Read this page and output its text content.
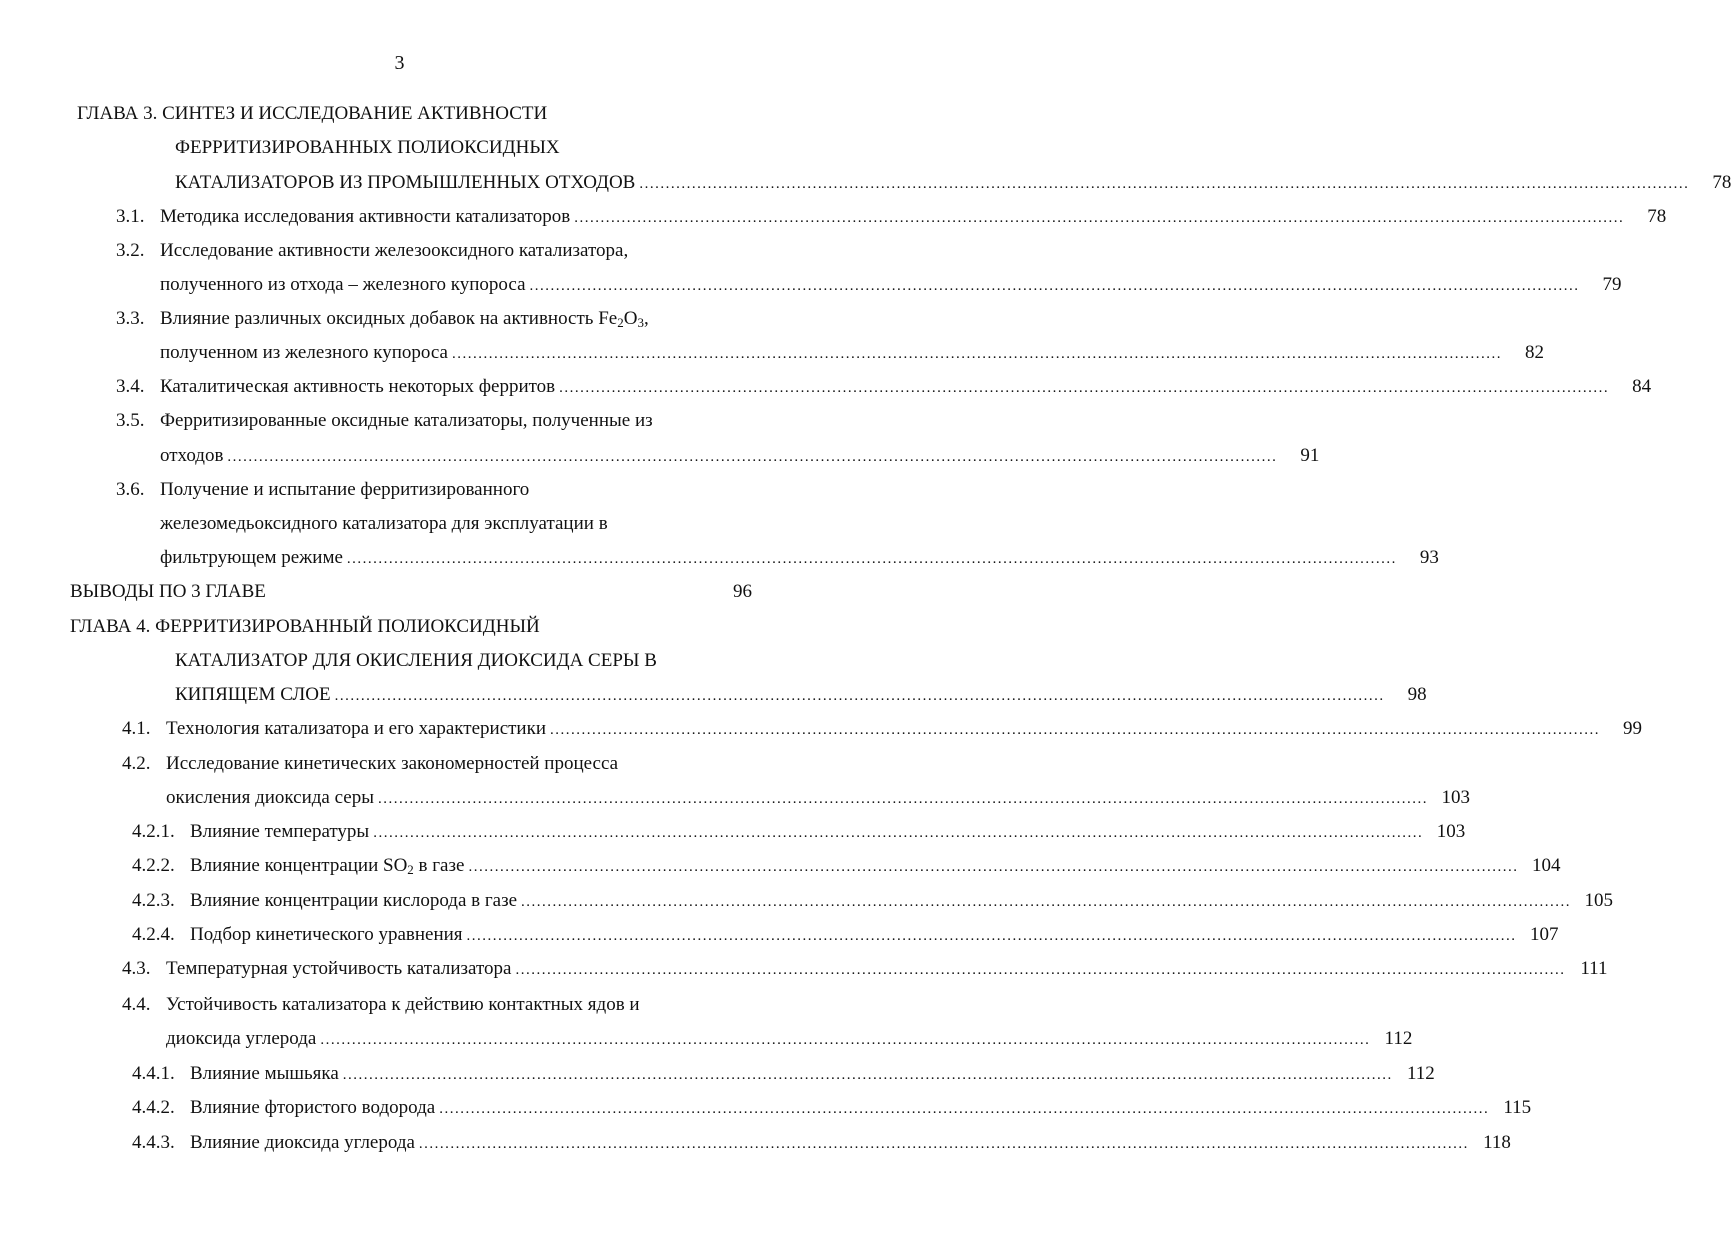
3
ГЛАВА 3. СИНТЕЗ И ИССЛЕДОВАНИЕ АКТИВНОСТИ
ФЕРРИТИЗИРОВАННЫХ ПОЛИОКСИДНЫХ
КАТАЛИЗАТОРОВ ИЗ ПРОМЫШЛЕННЫХ ОТХОДОВ .....	78
3.1. Методика исследования активности катализаторов .....	78
3.2. Исследование активности железооксидного катализатора,
полученного из отхода – железного купороса .....	79
3.3. Влияние различных оксидных добавок на активность $Fe_2O_3$,
полученном из железного купороса .....	82
3.4. Каталитическая активность некоторых ферритов .....	84
3.5. Ферритизированные оксидные катализаторы, полученные из
отходов .....	91
3.6. Получение и испытание ферритизированного
железомедьоксидного катализатора для эксплуатации в
фильтрующем режиме .....	93
ВЫВОДЫ ПО 3 ГЛАВЕ	96
ГЛАВА 4. ФЕРРИТИЗИРОВАННЫЙ ПОЛИОКСИДНЫЙ
КАТАЛИЗАТОР ДЛЯ ОКИСЛЕНИЯ ДИОКСИДА СЕРЫ В
КИПЯЩЕМ СЛОЕ .....	98
4.1. Технология катализатора и его характеристики .....	99
4.2. Исследование кинетических закономерностей процесса
окисления диоксида серы .....	103
4.2.1. Влияние температуры .....	103
4.2.2. Влияние концентрации $SO_2$ в газе .....	104
4.2.3. Влияние концентрации кислорода в газе .....	105
4.2.4. Подбор кинетического уравнения .....	107
4.3. Температурная устойчивость катализатора .....	111
4.4. Устойчивость катализатора к действию контактных ядов и
диоксида углерода .....	112
4.4.1. Влияние мышьяка .....	112
4.4.2. Влияние фтористого водорода .....	115
4.4.3. Влияние диоксида углерода .....	118
